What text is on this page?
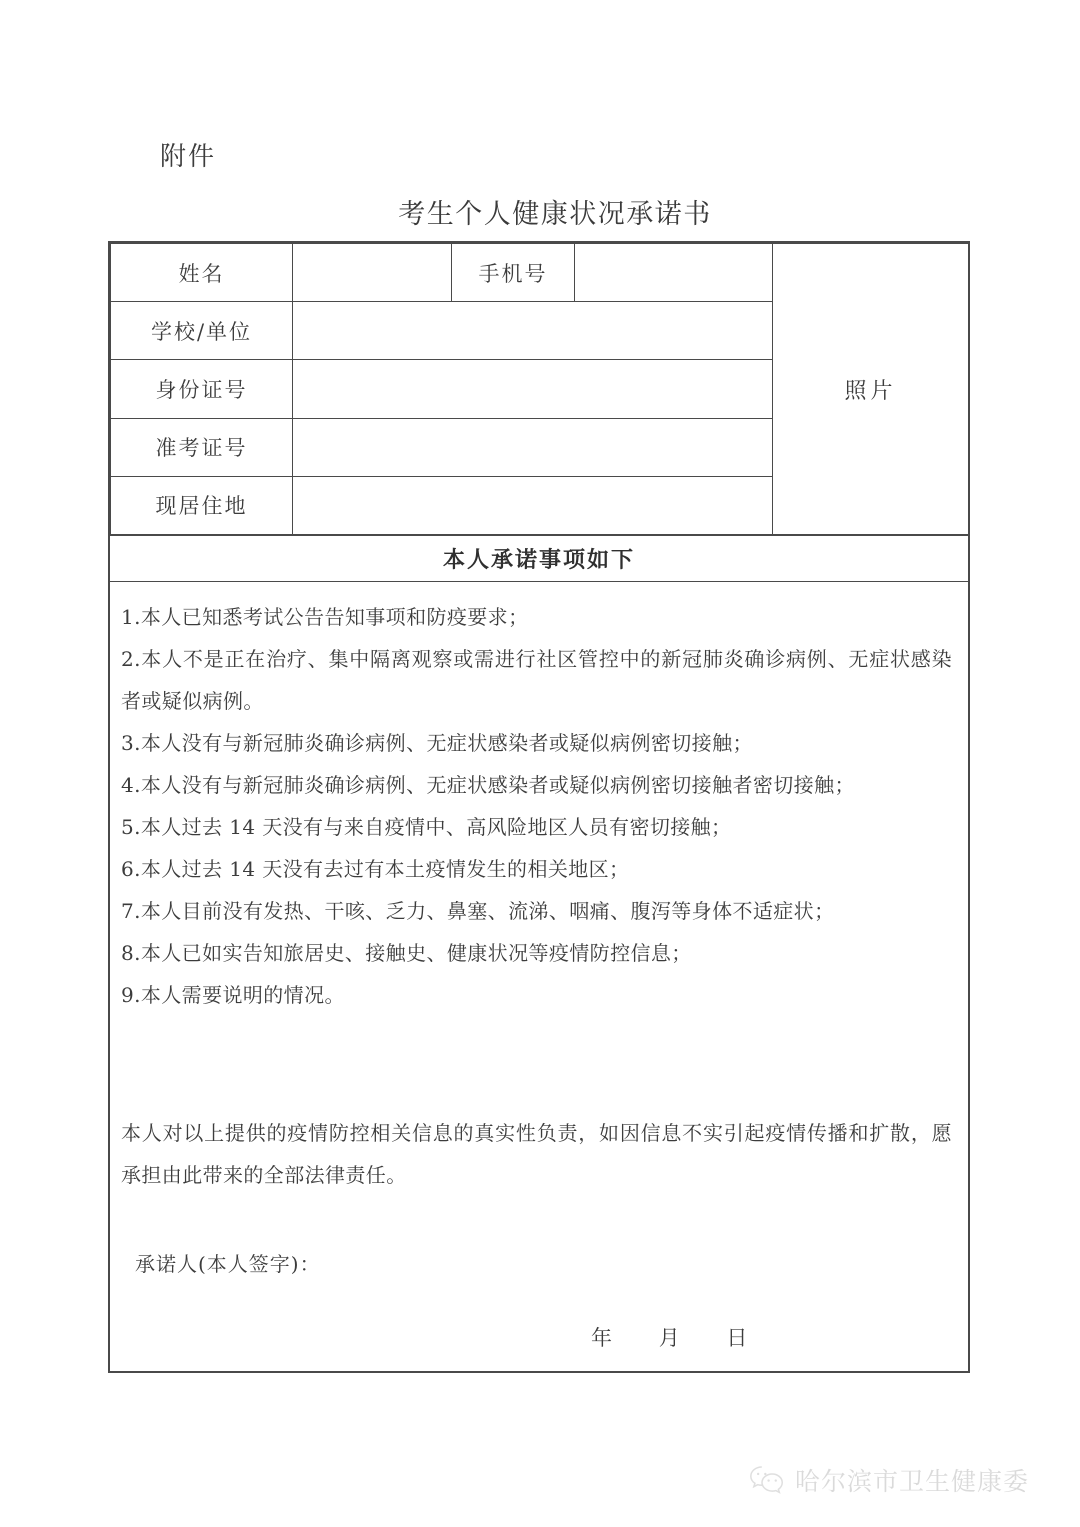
附件
考生个人健康状况承诺书
姓名		手机号		照片
学校/单位				
身份证号				
准考证号				
现居住地				
本人承诺事项如下
1.本人已知悉考试公告告知事项和防疫要求；
2.本人不是正在治疗、集中隔离观察或需进行社区管控中的新冠肺炎确诊病例、无症状感染者或疑似病例。
3.本人没有与新冠肺炎确诊病例、无症状感染者或疑似病例密切接触；
4.本人没有与新冠肺炎确诊病例、无症状感染者或疑似病例密切接触者密切接触；
5.本人过去 14 天没有与来自疫情中、高风险地区人员有密切接触；
6.本人过去 14 天没有去过有本土疫情发生的相关地区；
7.本人目前没有发热、干咳、乏力、鼻塞、流涕、咽痛、腹泻等身体不适症状；
8.本人已如实告知旅居史、接触史、健康状况等疫情防控信息；
9.本人需要说明的情况。
本人对以上提供的疫情防控相关信息的真实性负责，如因信息不实引起疫情传播和扩散，愿承担由此带来的全部法律责任。
承诺人(本人签字)：
年 月 日
哈尔滨市卫生健康委
